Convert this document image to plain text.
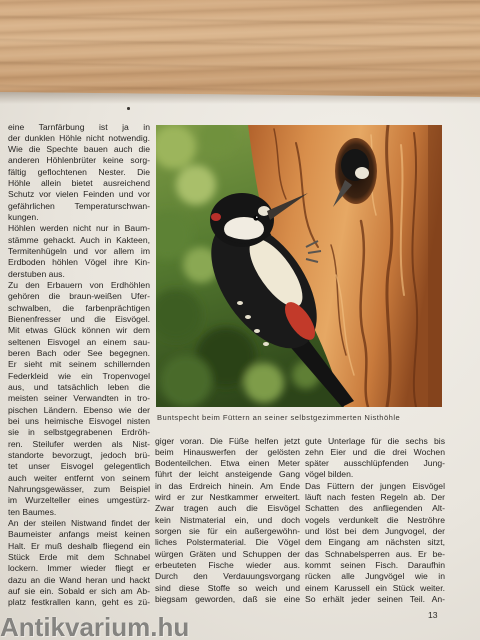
eine Tarnfärbung ist ja in
der dunklen Höhle nicht notwendig.
Wie die Spechte bauen auch die
anderen Höhlenbrüter keine sorg-
fältig geflochtenen Nester. Die
Höhle allein bietet ausreichend
Schutz vor vielen Feinden und vor
gefährlichen Temperaturschwan-
kungen.
Höhlen werden nicht nur in Baum-
stämme gehackt. Auch in Kakteen,
Termitenhügeln und vor allem im
Erdboden höhlen Vögel ihre Kin-
derstuben aus.
Zu den Erbauern von Erdhöhlen
gehören die braun-weißen Ufer-
schwalben, die farbenprächtigen
Bienenfresser und die Eisvögel.
Mit etwas Glück können wir dem
seltenen Eisvogel an einem sau-
beren Bach oder See begegnen.
Er sieht mit seinem schillernden
Federkleid wie ein Tropenvogel
aus, und tatsächlich leben die
meisten seiner Verwandten in tro-
pischen Ländern. Ebenso wie der
bei uns heimische Eisvogel nisten
sie in selbstgegrabenen Erdröh-
ren. Steilufer werden als Nist-
standorte bevorzugt, jedoch brü-
tet unser Eisvogel gelegentlich
auch weiter entfernt von seinem
Nahrungsgewässer, zum Beispiel
im Wurzelteller eines umgestürz-
ten Baumes.
An der steilen Nistwand findet der
Baumeister anfangs meist keinen
Halt. Er muß deshalb fliegend ein
Stück Erde mit dem Schnabel
lockern. Immer wieder fliegt er
dazu an die Wand heran und hackt
auf sie ein. Sobald er sich am Ab-
platz festkrallen kann, geht es zü-
Buntspecht beim Füttern an seiner selbstgezimmerten Nisthöhle
giger voran. Die Füße helfen jetzt
beim Hinauswerfen der gelösten
Bodenteilchen. Etwa einen Meter
führt der leicht ansteigende Gang
in das Erdreich hinein. Am Ende
wird er zur Nestkammer erweitert.
Zwar tragen auch die Eisvögel
kein Nistmaterial ein, und doch
sorgen sie für ein außergewöhn-
liches Polstermaterial. Die Vögel
würgen Gräten und Schuppen der
erbeuteten Fische wieder aus.
Durch den Verdauungsvorgang
sind diese Stoffe so weich und
biegsam geworden, daß sie eine
gute Unterlage für die sechs bis
zehn Eier und die drei Wochen
später ausschlüpfenden Jung-
vögel bilden.
Das Füttern der jungen Eisvögel
läuft nach festen Regeln ab. Der
Schatten des anfliegenden Alt-
vogels verdunkelt die Neströhre
und löst bei dem Jungvogel, der
dem Eingang am nächsten sitzt,
das Schnabelsperren aus. Er be-
kommt seinen Fisch. Daraufhin
rücken alle Jungvögel wie in
einem Karussell ein Stück weiter.
So erhält jeder seinen Teil. An-
13
Antikvarium.hu
